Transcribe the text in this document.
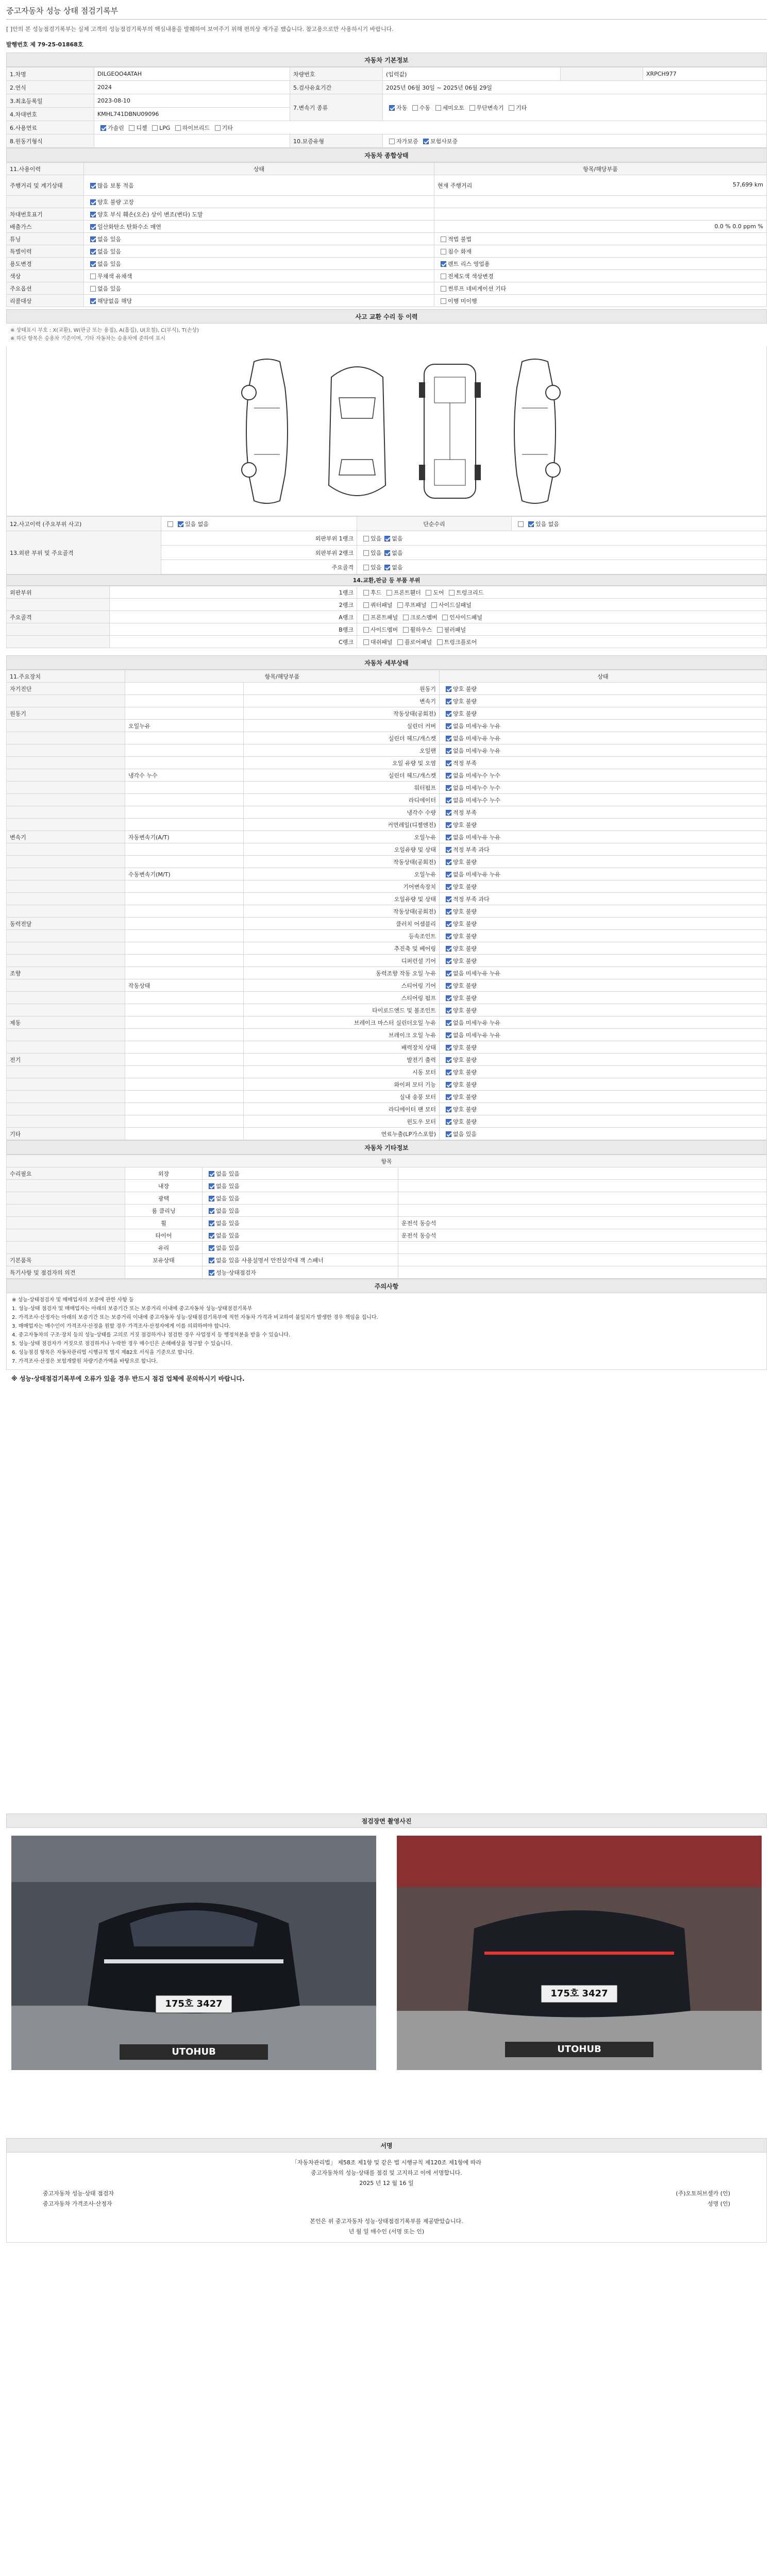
중고자동차 성능 상태 점검기록부
[ ]안의 본 성능점검기록부는 실제 고객의 성능점검기록부의 핵심내용을 발췌하여 보여주기 위해 편의상 재가공 했습니다. 참고용으로만 사용하시기 바랍니다.
발행번호 제 79-25-01868호
자동차 기본정보
1.차명	DILGEOO4ATAH	차량번호	(입력값)		XRPCH977
2.연식	2024	5.검사유효기간	2025년 06월 30일 ~ 2025년 06월 29일		
3.최초등록일	2023-08-10	7.변속기 종류	자동 수동 세미오토 무단변속기 기타		
4.차대번호	KMHL741DBNU09096				
6.사용연료	가솔린 디젤 LPG 하이브리드 기타				
8.원동기형식		10.보증유형	자가보증 보험사보증		
자동차 종합상태
11.사용이력	상태	항목/해당부품
주행거리 및 계기상태	많음 보통 적음	현재 주행거리 57,699 km

	양호 불량 고장	
차대번호표기	양호 부식 훼손(오손) 상이 변조(변타) 도말	
배출가스	일산화탄소 탄화수소 매연	0.0 % 0.0 ppm %
튜닝	없음 있음	적법 불법
특별이력	없음 있음	침수 화재
용도변경	없음 있음	렌트 리스 영업용
색상	무채색 유채색	전체도색 색상변경
주요옵션	없음 있음	썬루프 네비게이션 기타
리콜대상	해당없음 해당	이행 미이행
사고 교환 수리 등 이력
※ 상태표시 부호 : X(교환), W(판금 또는 용접), A(흠집), U(요철), C(부식), T(손상)
※ 하단 항목은 승용차 기준이며, 기타 자동차는 승용차에 준하여 표시
12.사고이력 (주요부위 사고)	있음 없음	단순수리	있음 없음
13.외판 부위 및 주요골격	외판부위 1랭크	있음 없음	
	외판부위 2랭크	있음 없음	
	주요골격	있음 없음	
14.교환,판금 등 부품 부위
외판부위	1랭크	후드 프론트휀더 도어 트렁크리드
	2랭크	쿼터패널 루프패널 사이드실패널
주요골격	A랭크	프론트패널 크로스멤버 인사이드패널
	B랭크	사이드멤버 휠하우스 필러패널
	C랭크	대쉬패널 플로어패널 트렁크플로어
자동차 세부상태
11.주요장치	항목/해당부품		상태
자기진단		원동기	양호 불량
		변속기	양호 불량
원동기		작동상태(공회전)	양호 불량
	오일누유	실린더 커버	없음 미세누유 누유
		실린더 헤드/개스켓	없음 미세누유 누유
		오일팬	없음 미세누유 누유
		오일 유량 및 오염	적정 부족
	냉각수 누수	실린더 헤드/개스켓	없음 미세누수 누수
		워터펌프	없음 미세누수 누수
		라디에이터	없음 미세누수 누수
		냉각수 수량	적정 부족
		커먼레일(디젤엔진)	양호 불량
변속기	자동변속기(A/T)	오일누유	없음 미세누유 누유
		오일유량 및 상태	적정 부족 과다
		작동상태(공회전)	양호 불량
	수동변속기(M/T)	오일누유	없음 미세누유 누유
		기어변속장치	양호 불량
		오일유량 및 상태	적정 부족 과다
		작동상태(공회전)	양호 불량
동력전달		클러치 어셈블리	양호 불량
		등속조인트	양호 불량
		추진축 및 베어링	양호 불량
		디퍼런셜 기어	양호 불량
조향		동력조향 작동 오일 누유	없음 미세누유 누유
	작동상태	스티어링 기어	양호 불량
		스티어링 펌프	양호 불량
		타이로드엔드 및 볼조인트	양호 불량
제동		브레이크 마스터 실린더오일 누유	없음 미세누유 누유
		브레이크 오일 누유	없음 미세누유 누유
		배력장치 상태	양호 불량
전기		발전기 출력	양호 불량
		시동 모터	양호 불량
		와이퍼 모터 기능	양호 불량
		실내 송풍 모터	양호 불량
		라디에이터 팬 모터	양호 불량
		윈도우 모터	양호 불량
기타		연료누출(LP가스포함)	없음 있음
자동차 기타정보
항목			
수리필요	외장	없음 있음	
	내장	없음 있음	
	광택	없음 있음	
	룸 클리닝	없음 있음	
	휠	없음 있음	운전석 동승석
	타이어	없음 있음	운전석 동승석
	유리	없음 있음	
기본품목	보유상태	없음 있음 사용설명서 안전삼각대 잭 스패너	
특기사항 및 점검자의 의견		성능·상태점검자	
주의사항

※ 성능·상태점검자 및 매매업자의 보증에 관한 사항 등

1. 성능·상태 점검자 및 매매업자는 아래의 보증기간 또는 보증거리 이내에 중고자동차 성능·상태점검기록부

2. 가격조사·산정자는 아래의 보증기간 또는 보증거리 이내에 중고자동차 성능·상태점검기록부에 적힌 자동차 가격과 비교하여 불일치가 발생한 경우 책임을 집니다.

3. 매매업자는 매수인이 가격조사·산정을 원할 경우 가격조사·산정자에게 이를 의뢰하여야 합니다.

4. 중고자동차의 구조·장치 등의 성능·상태를 고의로 거짓 점검하거나 점검한 경우 사업정지 등 행정처분을 받을 수 있습니다.

5. 성능·상태 점검자가 거짓으로 점검하거나 누락한 경우 매수인은 손해배상을 청구할 수 있습니다.

6. 성능점검 항목은 자동차관리법 시행규칙 별지 제82호 서식을 기준으로 합니다.

7. 가격조사·산정은 보험개발원 차량기준가액을 바탕으로 합니다.

※ 성능·상태점검기록부에 오류가 있을 경우 반드시 점검 업체에 문의하시기 바랍니다.
점검장면 촬영사진
175호 3427
UTOHUB
175호 3427
UTOHUB
서명
「자동차관리법」 제58조 제1항 및 같은 법 시행규칙 제120조 제1항에 따라
중고자동차의 성능·상태를 점검 및 고지하고 이에 서명합니다.
2025 년 12 월 16 일
중고자동차 성능·상태 점검자	(주)오토허브셀카 (인)
중고자동차 가격조사·산정자	성명 (인)
본인은 위 중고자동차 성능·상태점검기록부를 제공받았습니다.
년 월 일 매수인 (서명 또는 인)
